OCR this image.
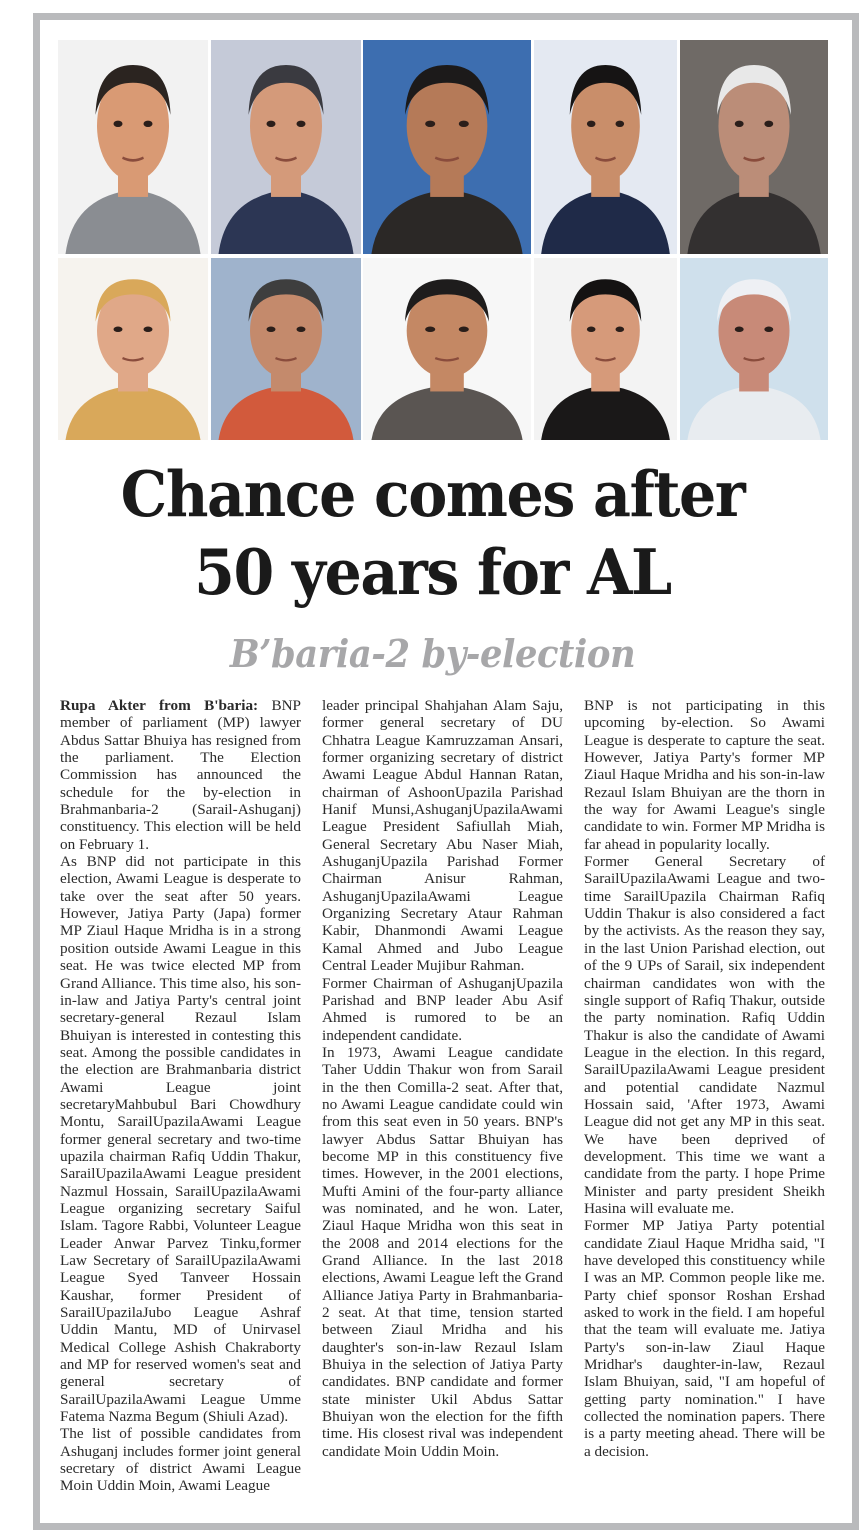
Chance comes after
50 years for AL
B’baria-2 by-election

Rupa Akter from B'baria: BNP member of parliament (MP) lawyer Abdus Sattar Bhuiya has resigned from the parliament. The Election Commission has announced the schedule for the by-election in Brahmanbaria-2 (Sarail-Ashuganj) constituency. This election will be held on February 1.

As BNP did not participate in this election, Awami League is desperate to take over the seat after 50 years. However, Jatiya Party (Japa) former MP Ziaul Haque Mridha is in a strong position outside Awami League in this seat. He was twice elected MP from Grand Alliance. This time also, his son-in-law and Jatiya Party's central joint secretary-general Rezaul Islam Bhuiyan is interested in contesting this seat. Among the possible candidates in the election are Brahmanbaria district Awami League joint secretaryMahbubul Bari Chowdhury Montu, SarailUpazilaAwami League former general secretary and two-time upazila chairman Rafiq Uddin Thakur, SarailUpazilaAwami League president Nazmul Hossain, SarailUpazilaAwami League organizing secretary Saiful Islam. Tagore Rabbi, Volunteer League Leader Anwar Parvez Tinku,former Law Secretary of SarailUpazilaAwami League Syed Tanveer Hossain Kaushar, former President of SarailUpazilaJubo League Ashraf Uddin Mantu, MD of Unirvasel Medical College Ashish Chakraborty and MP for reserved women's seat and general secretary of SarailUpazilaAwami League Umme Fatema Nazma Begum (Shiuli Azad).

The list of possible candidates from Ashuganj includes former joint general secretary of district Awami League Moin Uddin Moin, Awami League

leader principal Shahjahan Alam Saju, former general secretary of DU Chhatra League Kamruzzaman Ansari, former organizing secretary of district Awami League Abdul Hannan Ratan, chairman of AshoonUpazila Parishad Hanif Munsi,AshuganjUpazilaAwami League President Safiullah Miah, General Secretary Abu Naser Miah, AshuganjUpazila Parishad Former Chairman Anisur Rahman, AshuganjUpazilaAwami League Organizing Secretary Ataur Rahman Kabir, Dhanmondi Awami League Kamal Ahmed and Jubo League Central Leader Mujibur Rahman.

Former Chairman of AshuganjUpazila Parishad and BNP leader Abu Asif Ahmed is rumored to be an independent candidate.

In 1973, Awami League candidate Taher Uddin Thakur won from Sarail in the then Comilla-2 seat. After that, no Awami League candidate could win from this seat even in 50 years. BNP's lawyer Abdus Sattar Bhuiyan has become MP in this constituency five times. However, in the 2001 elections, Mufti Amini of the four-party alliance was nominated, and he won. Later, Ziaul Haque Mridha won this seat in the 2008 and 2014 elections for the Grand Alliance. In the last 2018 elections, Awami League left the Grand Alliance Jatiya Party in Brahmanbaria-2 seat. At that time, tension started between Ziaul Mridha and his daughter's son-in-law Rezaul Islam Bhuiya in the selection of Jatiya Party candidates. BNP candidate and former state minister Ukil Abdus Sattar Bhuiyan won the election for the fifth time. His closest rival was independent candidate Moin Uddin Moin.

BNP is not participating in this upcoming by-election. So Awami League is desperate to capture the seat. However, Jatiya Party's former MP Ziaul Haque Mridha and his son-in-law Rezaul Islam Bhuiyan are the thorn in the way for Awami League's single candidate to win. Former MP Mridha is far ahead in popularity locally.

Former General Secretary of SarailUpazilaAwami League and two-time SarailUpazila Chairman Rafiq Uddin Thakur is also considered a fact by the activists. As the reason they say, in the last Union Parishad election, out of the 9 UPs of Sarail, six independent chairman candidates won with the single support of Rafiq Thakur, outside the party nomination. Rafiq Uddin Thakur is also the candidate of Awami League in the election. In this regard, SarailUpazilaAwami League president and potential candidate Nazmul Hossain said, 'After 1973, Awami League did not get any MP in this seat. We have been deprived of development. This time we want a candidate from the party. I hope Prime Minister and party president Sheikh Hasina will evaluate me.

Former MP Jatiya Party potential candidate Ziaul Haque Mridha said, "I have developed this constituency while I was an MP. Common people like me. Party chief sponsor Roshan Ershad asked to work in the field. I am hopeful that the team will evaluate me. Jatiya Party's son-in-law Ziaul Haque Mridhar's daughter-in-law, Rezaul Islam Bhuiyan, said, "I am hopeful of getting party nomination." I have collected the nomination papers. There is a party meeting ahead. There will be a decision.
